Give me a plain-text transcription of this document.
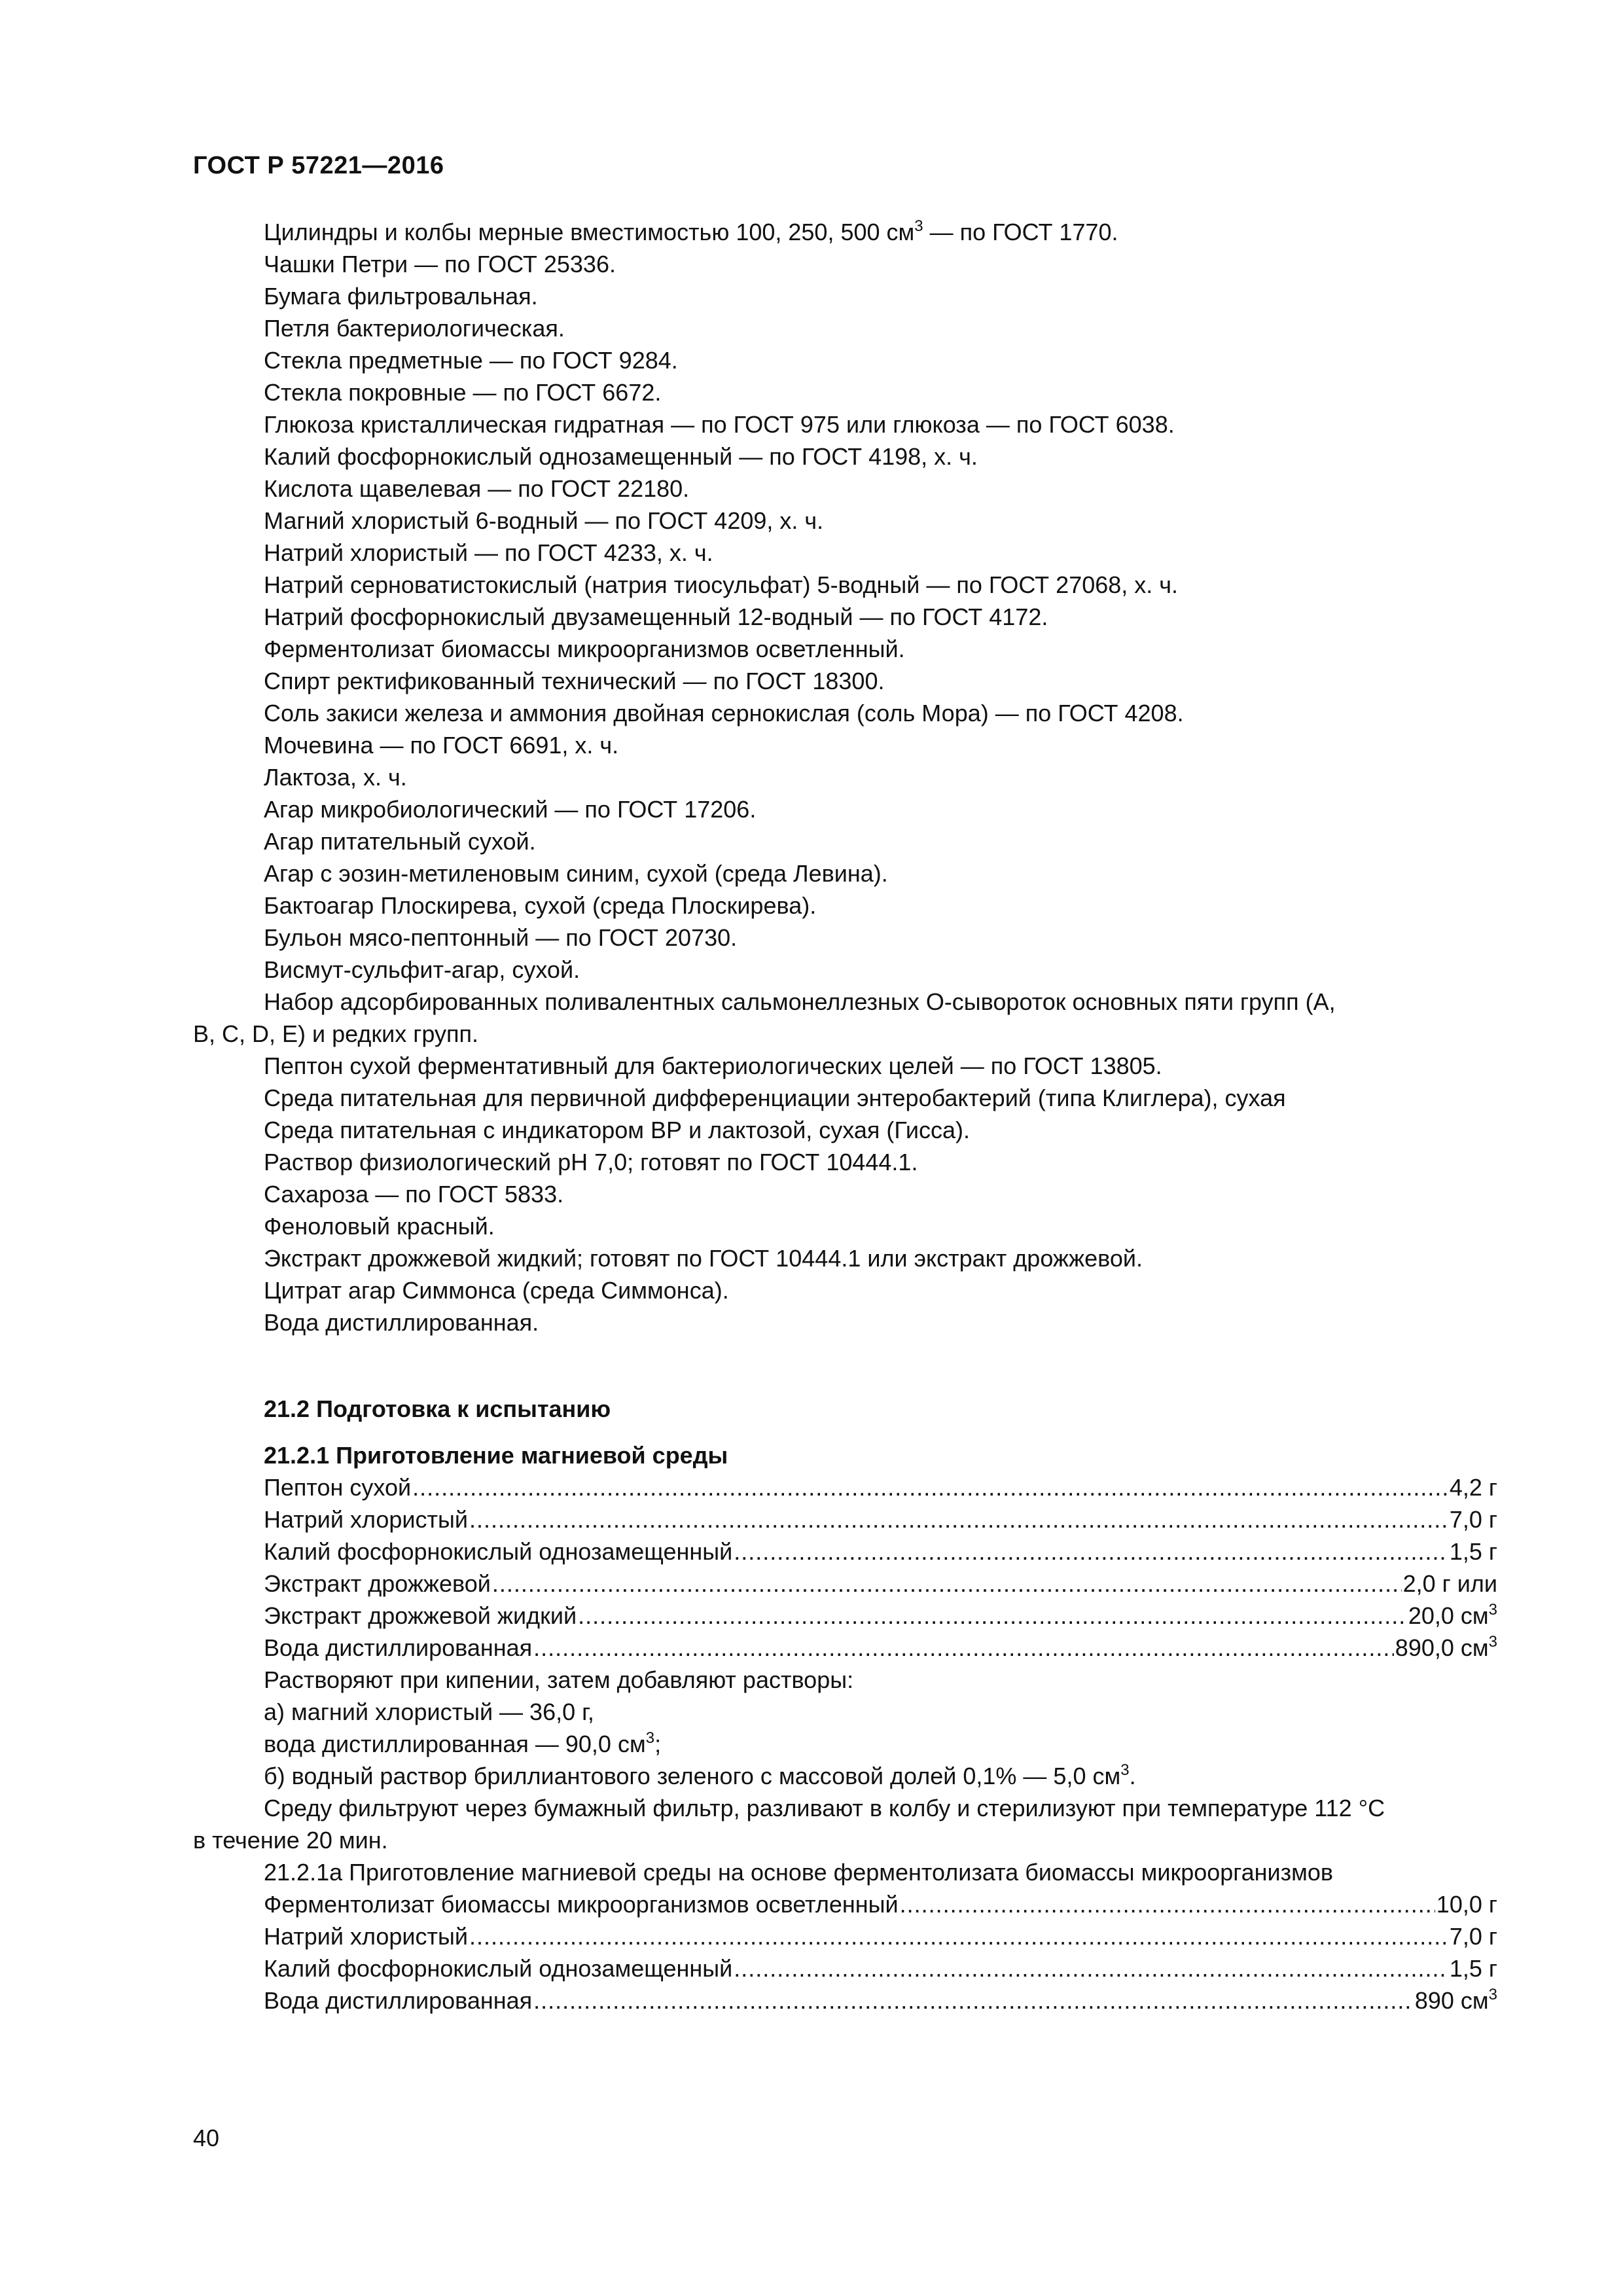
ГОСТ Р 57221—2016
Цилиндры и колбы мерные вместимостью 100, 250, 500 $см^3$ — по ГОСТ 1770.
Чашки Петри — по ГОСТ 25336.
Бумага фильтровальная.
Петля бактериологическая.
Стекла предметные — по ГОСТ 9284.
Стекла покровные — по ГОСТ 6672.
Глюкоза кристаллическая гидратная — по ГОСТ 975 или глюкоза — по ГОСТ 6038.
Калий фосфорнокислый однозамещенный — по ГОСТ 4198, х. ч.
Кислота щавелевая — по ГОСТ 22180.
Магний хлористый 6-водный — по ГОСТ 4209, х. ч.
Натрий хлористый — по ГОСТ 4233, х. ч.
Натрий серноватистокислый (натрия тиосульфат) 5-водный — по ГОСТ 27068, х. ч.
Натрий фосфорнокислый двузамещенный 12-водный — по ГОСТ 4172.
Ферментолизат биомассы микроорганизмов осветленный.
Спирт ректификованный технический — по ГОСТ 18300.
Соль закиси железа и аммония двойная сернокислая (соль Мора) — по ГОСТ 4208.
Мочевина — по ГОСТ 6691, х. ч.
Лактоза, х. ч.
Агар микробиологический — по ГОСТ 17206.
Агар питательный сухой.
Агар с эозин-метиленовым синим, сухой (среда Левина).
Бактоагар Плоскирева, сухой (среда Плоскирева).
Бульон мясо-пептонный — по ГОСТ 20730.
Висмут-сульфит-агар, сухой.
Набор адсорбированных поливалентных сальмонеллезных О-сывороток основных пяти групп (А,
В, С, D, Е) и редких групп.
Пептон сухой ферментативный для бактериологических целей — по ГОСТ 13805.
Среда питательная для первичной дифференциации энтеробактерий (типа Клиглера), сухая
Среда питательная с индикатором ВР и лактозой, сухая (Гисса).
Раствор физиологический рН 7,0; готовят по ГОСТ 10444.1.
Сахароза — по ГОСТ 5833.
Феноловый красный.
Экстракт дрожжевой жидкий; готовят по ГОСТ 10444.1 или экстракт дрожжевой.
Цитрат агар Симмонса (среда Симмонса).
Вода дистиллированная.
21.2 Подготовка к испытанию
21.2.1 Приготовление магниевой среды
Пептон сухой .....	4,2 г
Натрий хлористый .....	7,0 г
Калий фосфорнокислый однозамещенный .....	1,5 г
Экстракт дрожжевой .....	2,0 г или
Экстракт дрожжевой жидкий .....	20,0 $см^3$
Вода дистиллированная .....	890,0 $см^3$
Растворяют при кипении, затем добавляют растворы:
а) магний хлористый — 36,0 г,
вода дистиллированная — 90,0 $см^3$;
б) водный раствор бриллиантового зеленого с массовой долей 0,1% — 5,0 $см^3$.
Среду фильтруют через бумажный фильтр, разливают в колбу и стерилизуют при температуре 112 °С
в течение 20 мин.
21.2.1а Приготовление магниевой среды на основе ферментолизата биомассы микроорганизмов
Ферментолизат биомассы микроорганизмов осветленный .....	10,0 г
Натрий хлористый .....	7,0 г
Калий фосфорнокислый однозамещенный .....	1,5 г
Вода дистиллированная .....	890 $см^3$
40
